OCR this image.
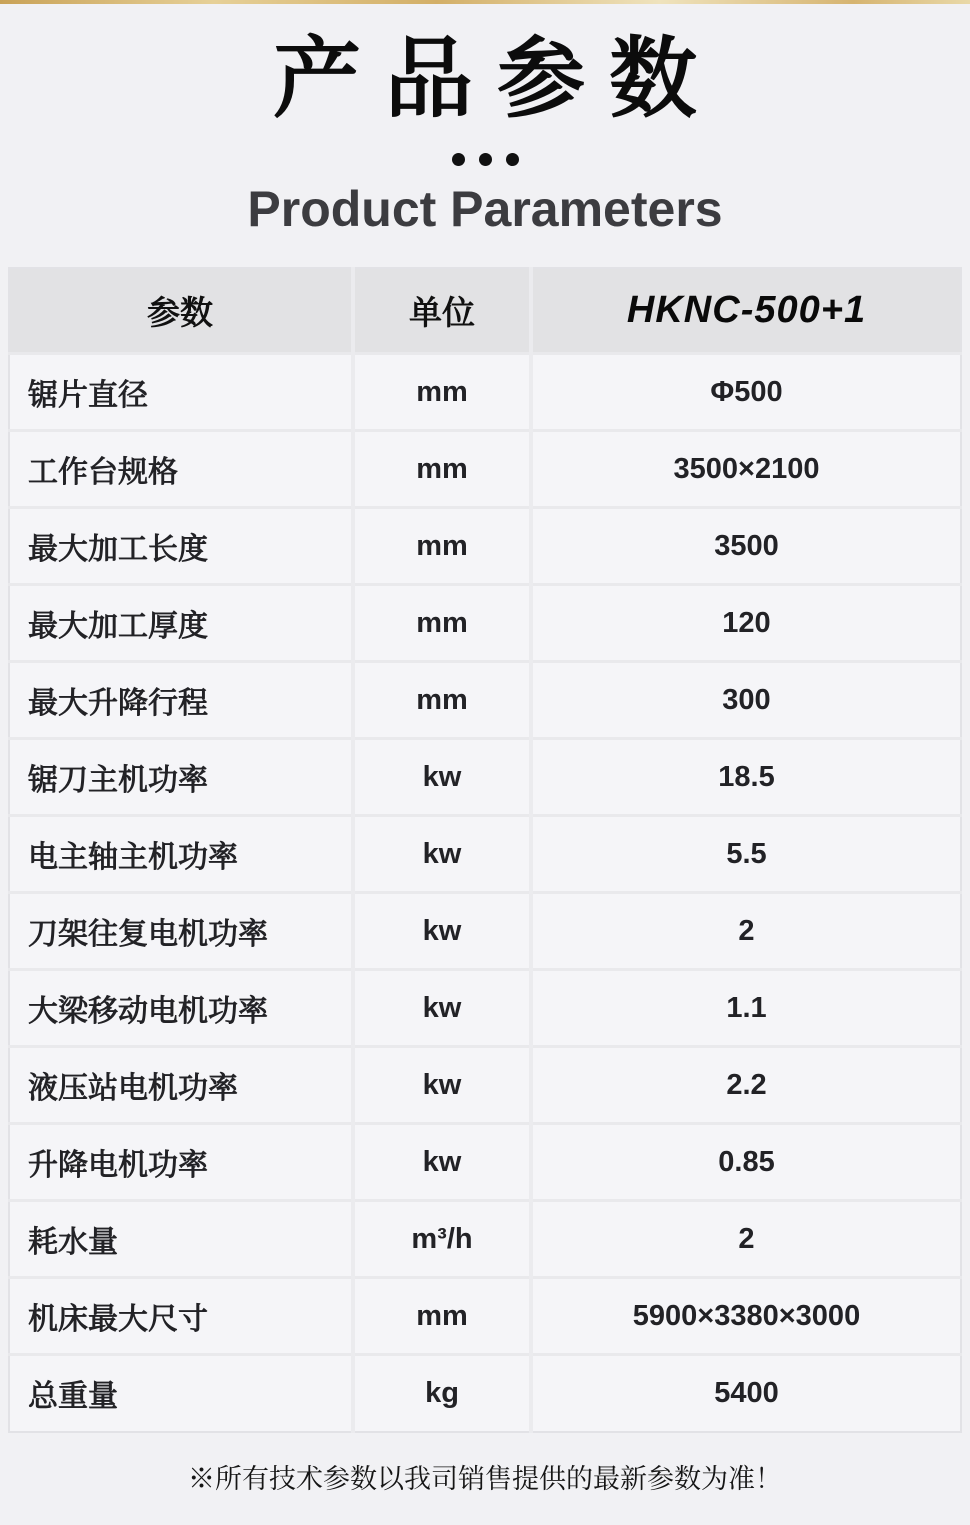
产品参数
Product Parameters
参数	单位	HKNC-500+1
锯片直径	mm	Φ500
工作台规格	mm	3500×2100
最大加工长度	mm	3500
最大加工厚度	mm	120
最大升降行程	mm	300
锯刀主机功率	kw	18.5
电主轴主机功率	kw	5.5
刀架往复电机功率	kw	2
大梁移动电机功率	kw	1.1
液压站电机功率	kw	2.2
升降电机功率	kw	0.85
耗水量	m³/h	2
机床最大尺寸	mm	5900×3380×3000
总重量	kg	5400

※所有技术参数以我司销售提供的最新参数为准！
